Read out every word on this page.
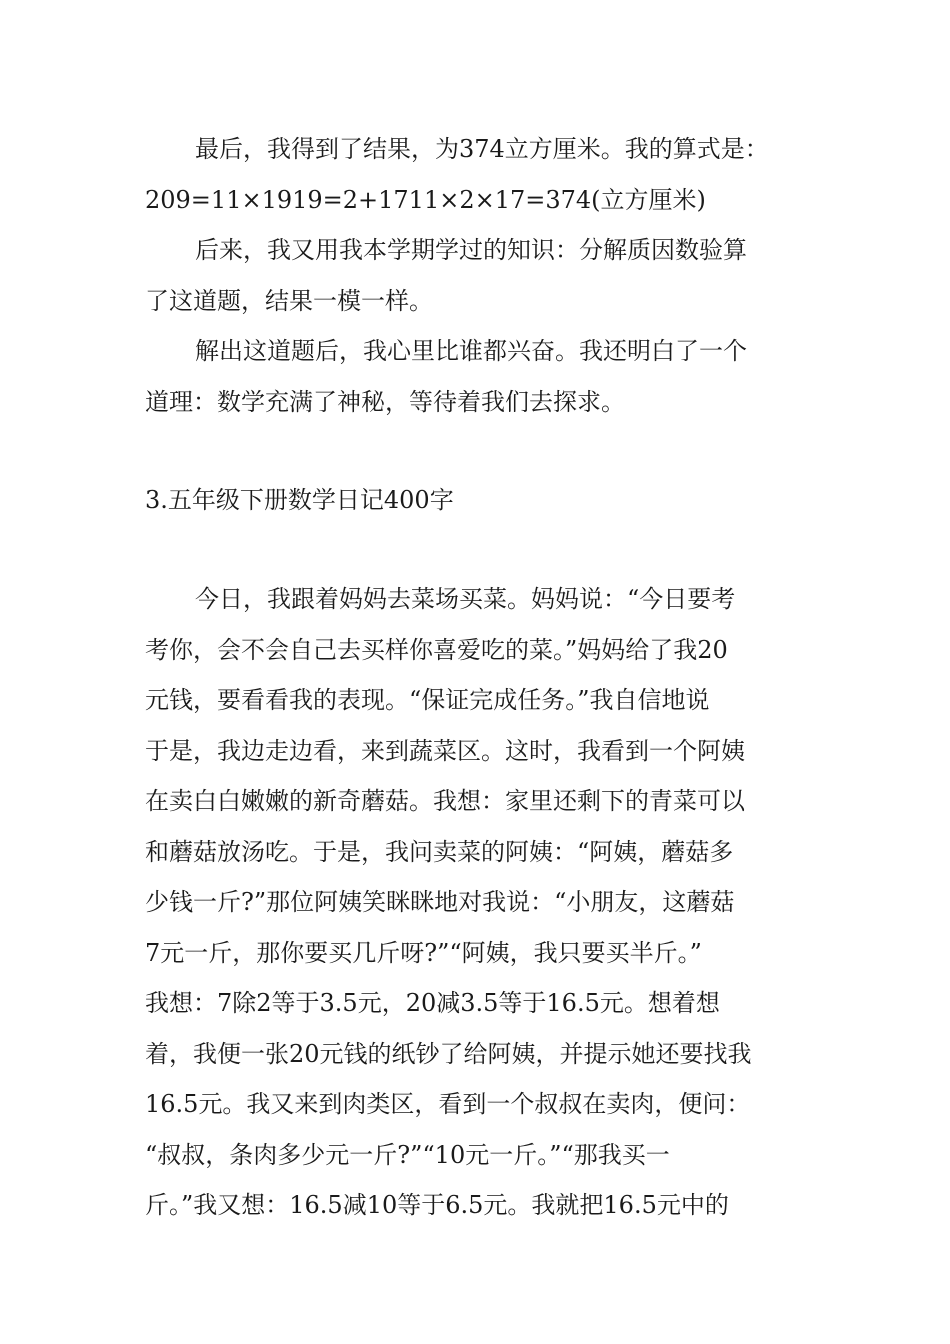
最后，我得到了结果，为374立方厘米。我的算式是：
209=11×1919=2+1711×2×17=374(立方厘米)
后来，我又用我本学期学过的知识：分解质因数验算
了这道题，结果一模一样。
解出这道题后，我心里比谁都兴奋。我还明白了一个
道理：数学充满了神秘，等待着我们去探求。
3.五年级下册数学日记400字
今日，我跟着妈妈去菜场买菜。妈妈说：“今日要考
考你，会不会自己去买样你喜爱吃的菜。”妈妈给了我20
元钱，要看看我的表现。“保证完成任务。”我自信地说
于是，我边走边看，来到蔬菜区。这时，我看到一个阿姨
在卖白白嫩嫩的新奇蘑菇。我想：家里还剩下的青菜可以
和蘑菇放汤吃。于是，我问卖菜的阿姨：“阿姨，蘑菇多
少钱一斤?”那位阿姨笑眯眯地对我说：“小朋友，这蘑菇
7元一斤，那你要买几斤呀?”“阿姨，我只要买半斤。”
我想：7除2等于3.5元，20减3.5等于16.5元。想着想
着，我便一张20元钱的纸钞了给阿姨，并提示她还要找我
16.5元。我又来到肉类区，看到一个叔叔在卖肉，便问：
“叔叔，条肉多少元一斤?”“10元一斤。”“那我买一
斤。”我又想：16.5减10等于6.5元。我就把16.5元中的
